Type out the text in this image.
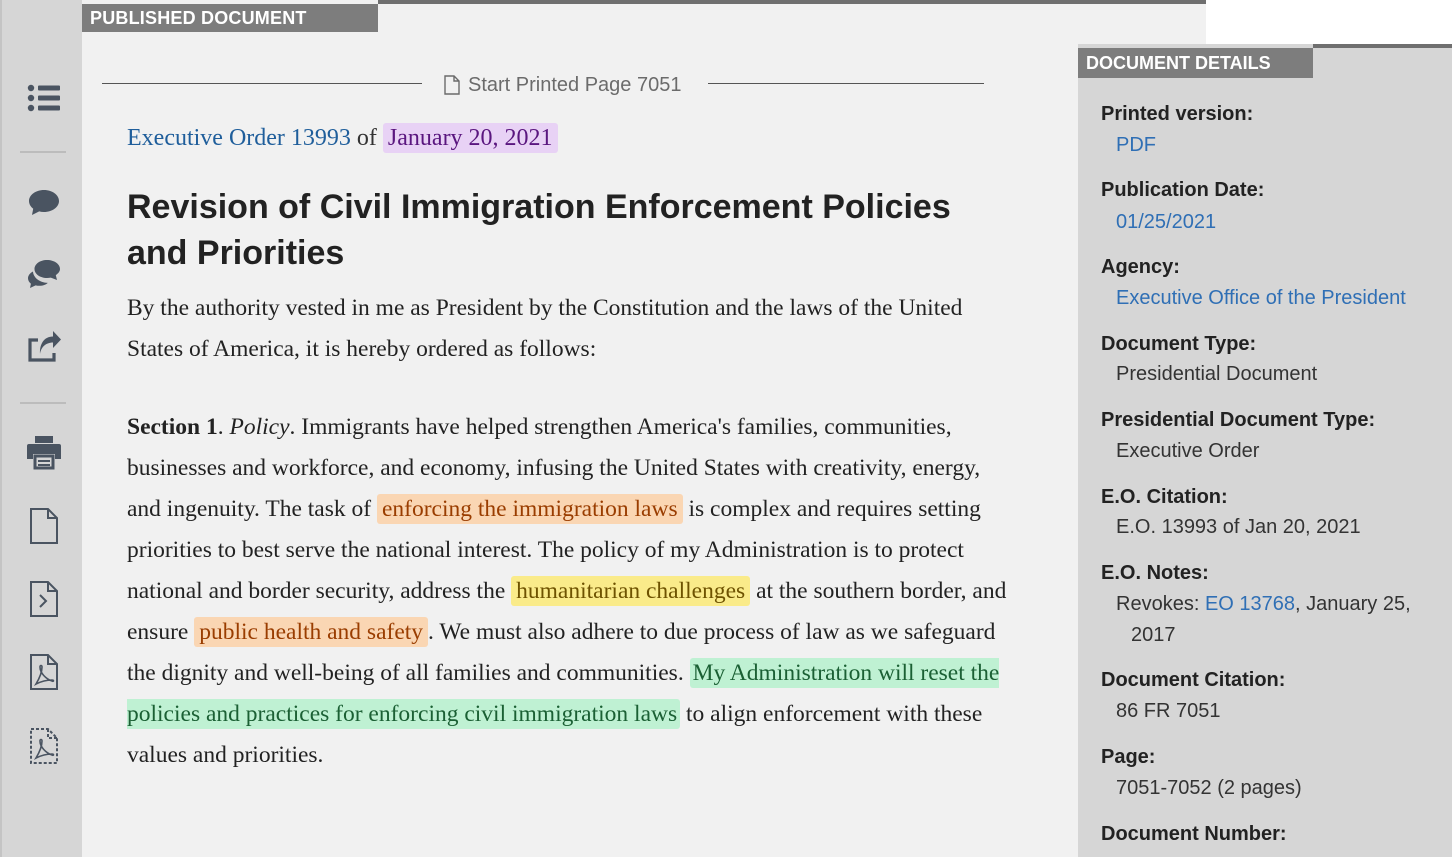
PUBLISHED DOCUMENT
Start Printed Page 7051
Executive Order 13993 of January 20, 2021
Revision of Civil Immigration Enforcement Policies and Priorities

By the authority vested in me as President by the Constitution and the laws of the United States of America, it is hereby ordered as follows:

Section 1. Policy. Immigrants have helped strengthen America's families, communities, businesses and workforce, and economy, infusing the United States with creativity, energy, and ingenuity. The task of enforcing the immigration laws is complex and requires setting priorities to best serve the national interest. The policy of my Administration is to protect national and border security, address the humanitarian challenges at the southern border, and ensure public health and safety . We must also adhere to due process of law as we safeguard the dignity and well-being of all families and communities. My Administration will reset the policies and practices for enforcing civil immigration laws to align enforcement with these values and priorities.

DOCUMENT DETAILS
Printed version:
PDF
Publication Date:
01/25/2021
Agency:
Executive Office of the President
Document Type:
Presidential Document
Presidential Document Type:
Executive Order
E.O. Citation:
E.O. 13993 of Jan 20, 2021
E.O. Notes:
Revokes: EO 13768, January 25,
2017
Document Citation:
86 FR 7051
Page:
7051-7052 (2 pages)
Document Number:
